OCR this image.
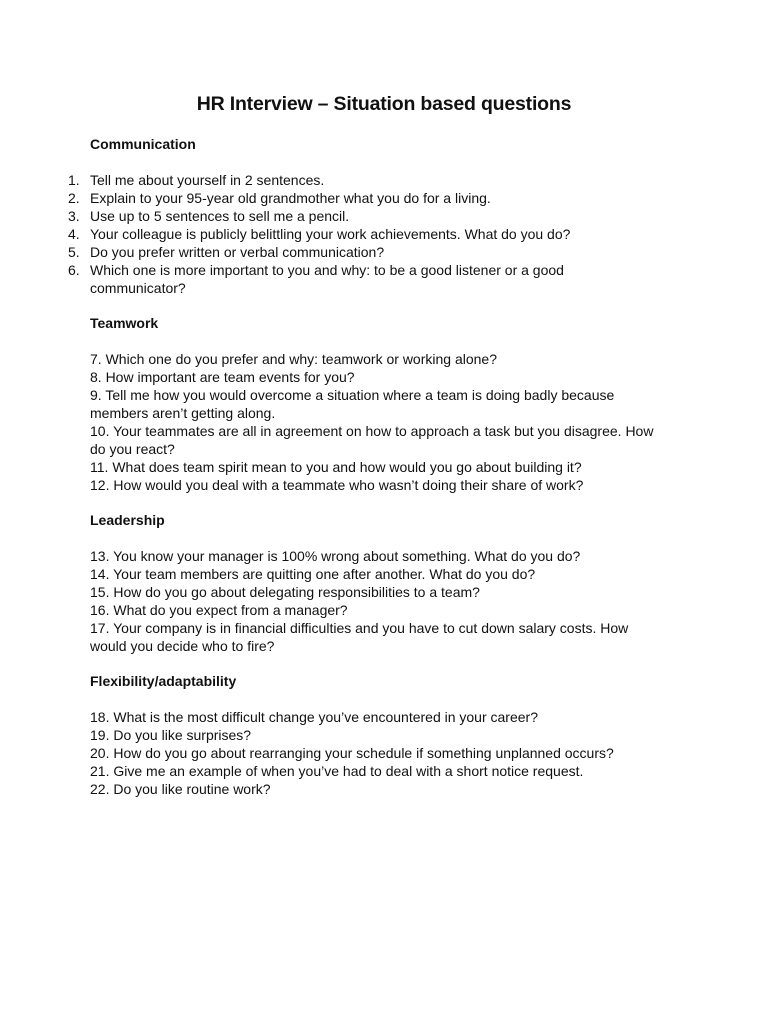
HR Interview – Situation based questions
Communication
1. Tell me about yourself in 2 sentences.
2. Explain to your 95-year old grandmother what you do for a living.
3. Use up to 5 sentences to sell me a pencil.
4. Your colleague is publicly belittling your work achievements. What do you do?
5. Do you prefer written or verbal communication?
6. Which one is more important to you and why: to be a good listener or a good
communicator?
Teamwork
7. Which one do you prefer and why: teamwork or working alone?
8. How important are team events for you?
9. Tell me how you would overcome a situation where a team is doing badly because
members aren’t getting along.
10. Your teammates are all in agreement on how to approach a task but you disagree. How
do you react?
11. What does team spirit mean to you and how would you go about building it?
12. How would you deal with a teammate who wasn’t doing their share of work?
Leadership
13. You know your manager is 100% wrong about something. What do you do?
14. Your team members are quitting one after another. What do you do?
15. How do you go about delegating responsibilities to a team?
16. What do you expect from a manager?
17. Your company is in financial difficulties and you have to cut down salary costs. How
would you decide who to fire?
Flexibility/adaptability
18. What is the most difficult change you’ve encountered in your career?
19. Do you like surprises?
20. How do you go about rearranging your schedule if something unplanned occurs?
21. Give me an example of when you’ve had to deal with a short notice request.
22. Do you like routine work?
